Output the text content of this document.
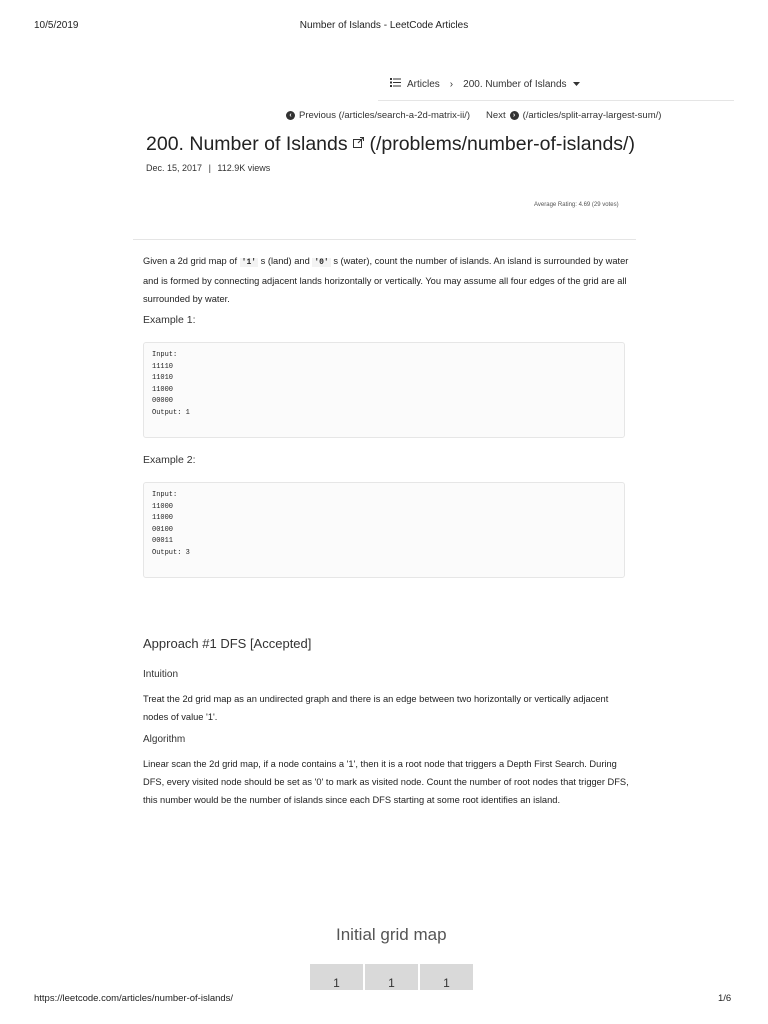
10/5/2019	Number of Islands - LeetCode Articles
Articles	›	200. Number of Islands
‹ Previous (/articles/search-a-2d-matrix-ii/) Next	› (/articles/split-array-largest-sum/)
200. Number of Islands (/problems/number-of-islands/)
Dec. 15, 2017 | 112.9K views
Average Rating: 4.69 (29 votes)
Given a 2d grid map of '1' s (land) and '0' s (water), count the number of islands. An island is surrounded by water and is formed by connecting adjacent lands horizontally or vertically. You may assume all four edges of the grid are all surrounded by water.
Example 1:
Input:
11110
11010
11000
00000
Output: 1
Example 2:
Input:
11000
11000
00100
00011
Output: 3
Approach #1 DFS [Accepted]
Intuition
Treat the 2d grid map as an undirected graph and there is an edge between two horizontally or vertically adjacent nodes of value '1'.
Algorithm
Linear scan the 2d grid map, if a node contains a '1', then it is a root node that triggers a Depth First Search. During DFS, every visited node should be set as '0' to mark as visited node. Count the number of root nodes that trigger DFS, this number would be the number of islands since each DFS starting at some root identifies an island.
Initial grid map
1	1	1
https://leetcode.com/articles/number-of-islands/	1/6
